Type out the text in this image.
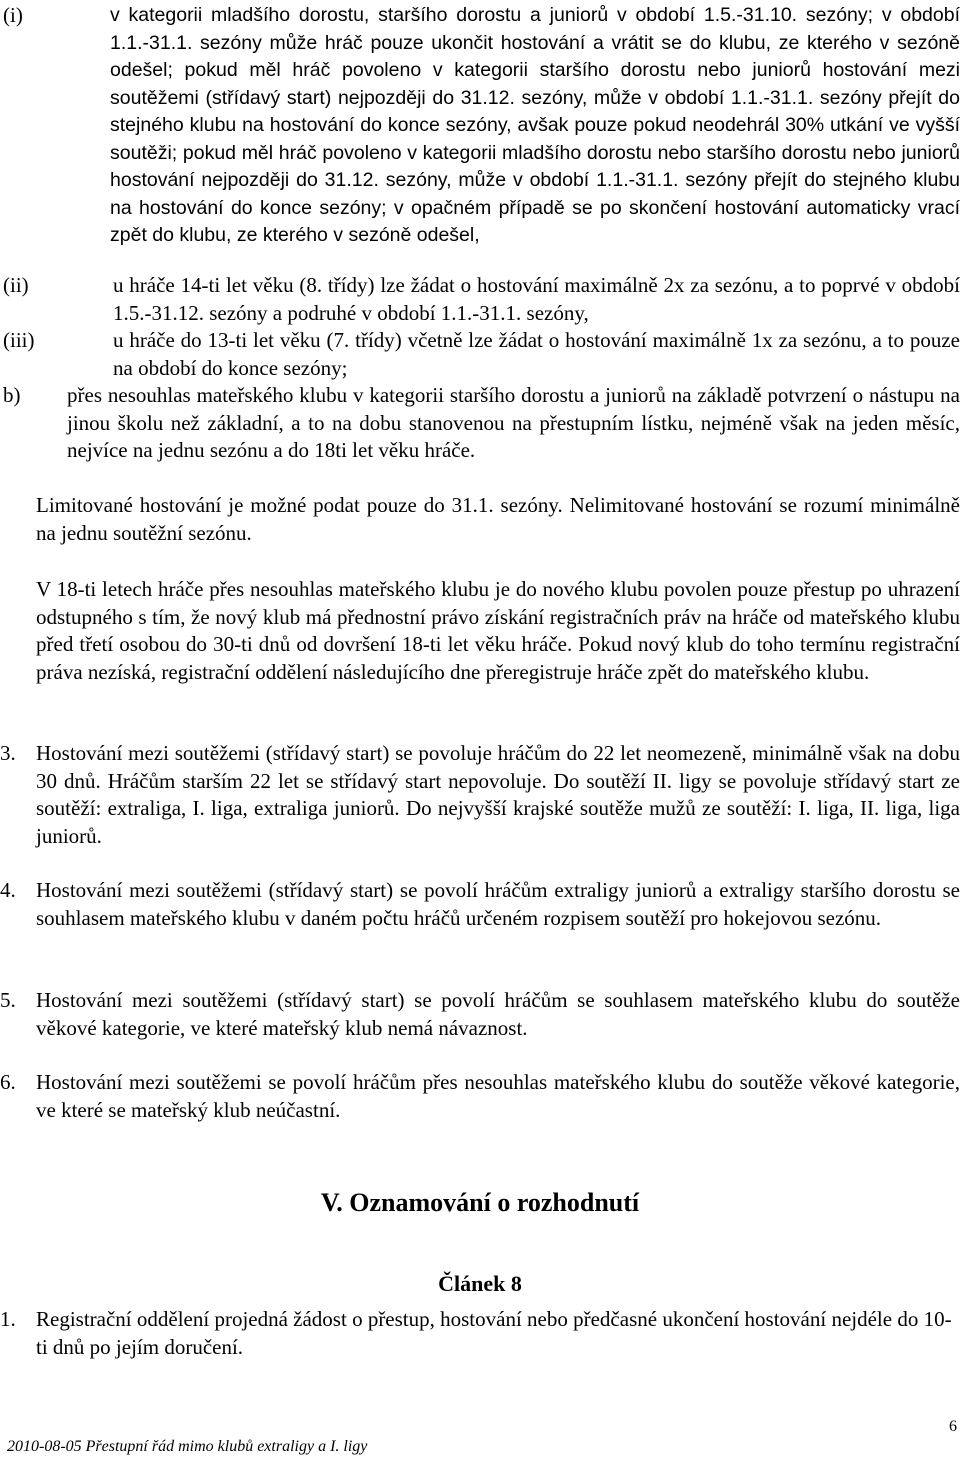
(i)	v kategorii mladšího dorostu, staršího dorostu a juniorů v období 1.5.-31.10. sezóny; v období 1.1.-31.1. sezóny může hráč pouze ukončit hostování a vrátit se do klubu, ze kterého v sezóně odešel; pokud měl hráč povoleno v kategorii staršího dorostu nebo juniorů hostování mezi soutěžemi (střídavý start) nejpozději do 31.12. sezóny, může v období 1.1.-31.1. sezóny přejít do stejného klubu na hostování do konce sezóny, avšak pouze pokud neodehrál 30% utkání ve vyšší soutěži; pokud měl hráč povoleno v kategorii mladšího dorostu nebo staršího dorostu nebo juniorů hostování nejpozději do 31.12. sezóny, může v období 1.1.-31.1. sezóny přejít do stejného klubu na hostování do konce sezóny; v opačném případě se po skončení hostování automaticky vrací zpět do klubu, ze kterého v sezóně odešel,
(ii)	u hráče 14-ti let věku (8. třídy) lze žádat o hostování maximálně 2x za sezónu, a to poprvé v období 1.5.-31.12. sezóny a podruhé v období 1.1.-31.1. sezóny,
(iii)	u hráče do 13-ti let věku (7. třídy) včetně lze žádat o hostování maximálně 1x za sezónu, a to pouze na období do konce sezóny;
b) přes nesouhlas mateřského klubu v kategorii staršího dorostu a juniorů na základě potvrzení o nástupu na jinou školu než základní, a to na dobu stanovenou na přestupním lístku, nejméně však na jeden měsíc, nejvíce na jednu sezónu a do 18ti let věku hráče.
Limitované hostování je možné podat pouze do 31.1. sezóny. Nelimitované hostování se rozumí minimálně na jednu soutěžní sezónu.
V 18-ti letech hráče přes nesouhlas mateřského klubu je do nového klubu povolen pouze přestup po uhrazení odstupného s tím, že nový klub má přednostní právo získání registračních práv na hráče od mateřského klubu před třetí osobou do 30-ti dnů od dovršení 18-ti let věku hráče. Pokud nový klub do toho termínu registrační práva nezíská, registrační oddělení následujícího dne přeregistruje hráče zpět do mateřského klubu.
3. Hostování mezi soutěžemi (střídavý start) se povoluje hráčům do 22 let neomezeně, minimálně však na dobu 30 dnů. Hráčům starším 22 let se střídavý start nepovoluje. Do soutěží II. ligy se povoluje střídavý start ze soutěží: extraliga, I. liga, extraliga juniorů. Do nejvyšší krajské soutěže mužů ze soutěží: I. liga, II. liga, liga juniorů.
4. Hostování mezi soutěžemi (střídavý start) se povolí hráčům extraligy juniorů a extraligy staršího dorostu se souhlasem mateřského klubu v daném počtu hráčů určeném rozpisem soutěží pro hokejovou sezónu.
5. Hostování mezi soutěžemi (střídavý start) se povolí hráčům se souhlasem mateřského klubu do soutěže věkové kategorie, ve které mateřský klub nemá návaznost.
6. Hostování mezi soutěžemi se povolí hráčům přes nesouhlas mateřského klubu do soutěže věkové kategorie, ve které se mateřský klub neúčastní.
V. Oznamování o rozhodnutí
Článek 8
1. Registrační oddělení projedná žádost o přestup, hostování nebo předčasné ukončení hostování nejdéle do 10-ti dnů po jejím doručení.
2010-08-05 Přestupní řád mimo klubů extraligy a I. ligy
6
